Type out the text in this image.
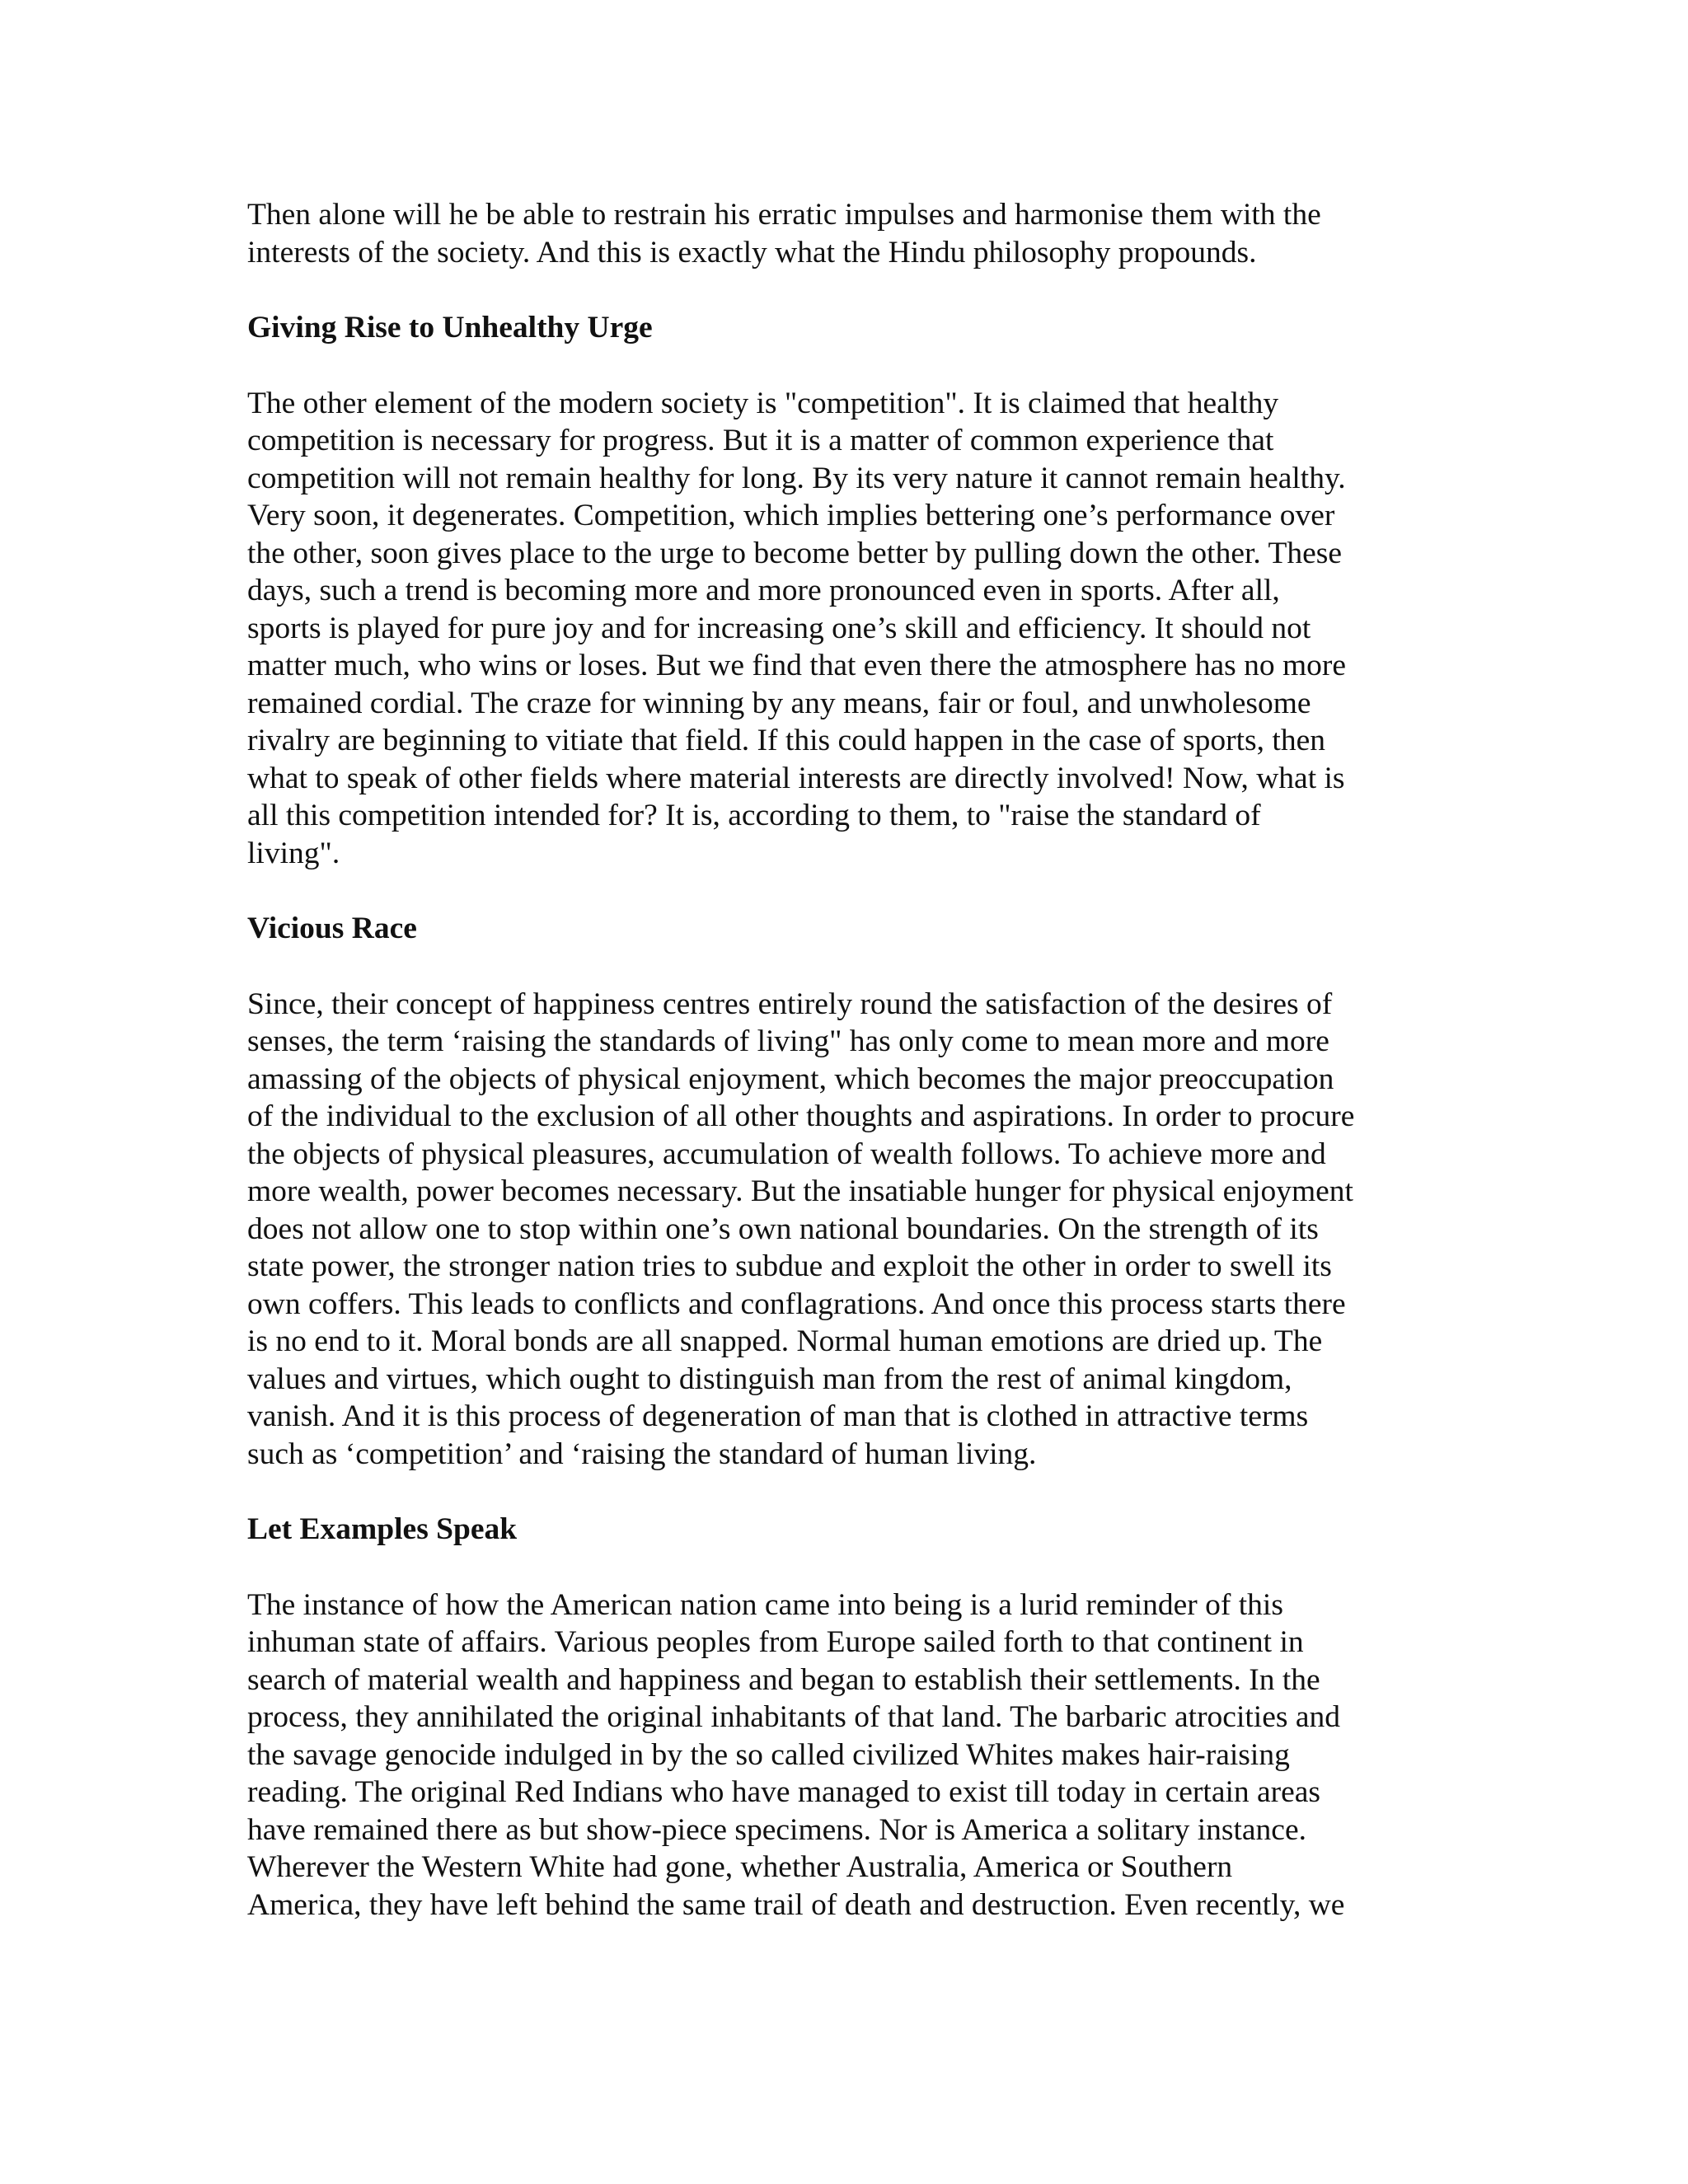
Then alone will he be able to restrain his erratic impulses and harmonise them with the
interests of the society. And this is exactly what the Hindu philosophy propounds.
Giving Rise to Unhealthy Urge
The other element of the modern society is "competition". It is claimed that healthy
competition is necessary for progress. But it is a matter of common experience that
competition will not remain healthy for long. By its very nature it cannot remain healthy.
Very soon, it degenerates. Competition, which implies bettering one’s performance over
the other, soon gives place to the urge to become better by pulling down the other. These
days, such a trend is becoming more and more pronounced even in sports. After all,
sports is played for pure joy and for increasing one’s skill and efficiency. It should not
matter much, who wins or loses. But we find that even there the atmosphere has no more
remained cordial. The craze for winning by any means, fair or foul, and unwholesome
rivalry are beginning to vitiate that field. If this could happen in the case of sports, then
what to speak of other fields where material interests are directly involved! Now, what is
all this competition intended for? It is, according to them, to "raise the standard of
living".
Vicious Race
Since, their concept of happiness centres entirely round the satisfaction of the desires of
senses, the term ‘raising the standards of living" has only come to mean more and more
amassing of the objects of physical enjoyment, which becomes the major preoccupation
of the individual to the exclusion of all other thoughts and aspirations. In order to procure
the objects of physical pleasures, accumulation of wealth follows. To achieve more and
more wealth, power becomes necessary. But the insatiable hunger for physical enjoyment
does not allow one to stop within one’s own national boundaries. On the strength of its
state power, the stronger nation tries to subdue and exploit the other in order to swell its
own coffers. This leads to conflicts and conflagrations. And once this process starts there
is no end to it. Moral bonds are all snapped. Normal human emotions are dried up. The
values and virtues, which ought to distinguish man from the rest of animal kingdom,
vanish. And it is this process of degeneration of man that is clothed in attractive terms
such as ‘competition’ and ‘raising the standard of human living.
Let Examples Speak
The instance of how the American nation came into being is a lurid reminder of this
inhuman state of affairs. Various peoples from Europe sailed forth to that continent in
search of material wealth and happiness and began to establish their settlements. In the
process, they annihilated the original inhabitants of that land. The barbaric atrocities and
the savage genocide indulged in by the so called civilized Whites makes hair-raising
reading. The original Red Indians who have managed to exist till today in certain areas
have remained there as but show-piece specimens. Nor is America a solitary instance.
Wherever the Western White had gone, whether Australia, America or Southern
America, they have left behind the same trail of death and destruction. Even recently, we
